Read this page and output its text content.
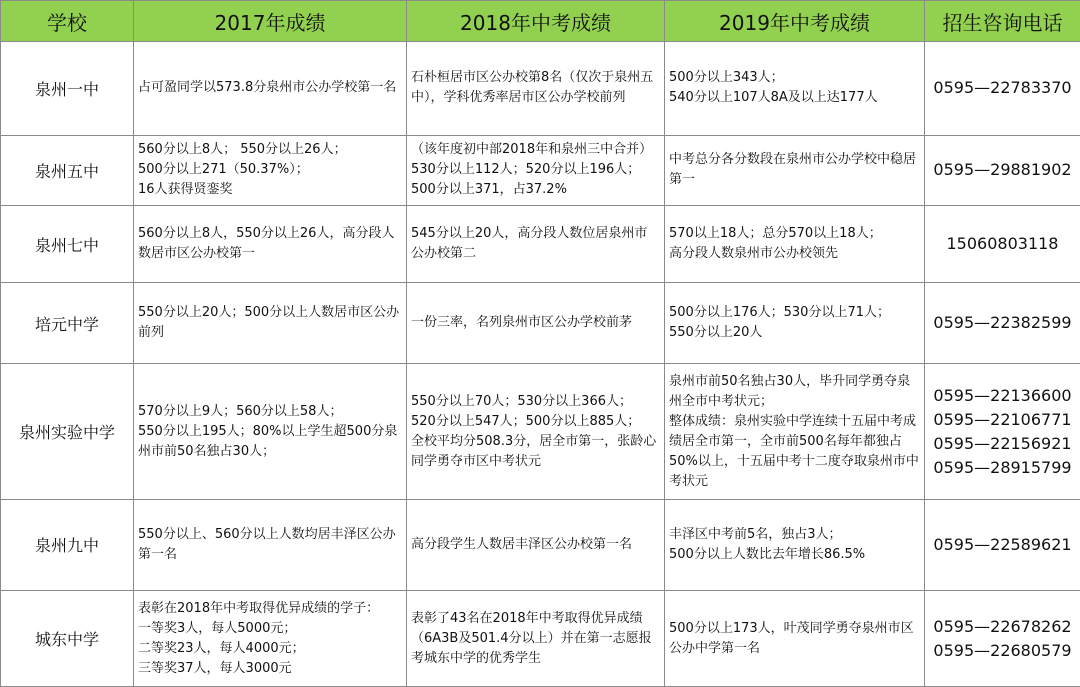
学校	2017年成绩	2018年中考成绩	2019年中考成绩	招生咨询电话
泉州一中	占可盈同学以573.8分泉州市公办学校第一名	石朴桓居市区公办校第8名（仅次于泉州五中），学科优秀率居市区公办学校前列	500分以上343人；
540分以上107人8A及以上达177人	0595—22783370

泉州五中	560分以上8人； 550分以上26人；
500分以上271（50.37%）；
16人获得贤銮奖	（该年度初中部2018年和泉州三中合并）
530分以上112人；520分以上196人；
500分以上371，占37.2%	中考总分各分数段在泉州市公办学校中稳居第一	0595—29881902

泉州七中	560分以上8人，550分以上26人，高分段人数居市区公办校第一	545分以上20人，高分段人数位居泉州市公办校第二	570以上18人；总分570以上18人；
高分段人数泉州市公办校领先	15060803118

培元中学	550分以上20人；500分以上人数居市区公办前列	一份三率，名列泉州市区公办学校前茅	500分以上176人；530分以上71人；
550分以上20人	0595—22382599

泉州实验中学	570分以上9人；560分以上58人；
550分以上195人；80%以上学生超500分泉州市前50名独占30人；	550分以上70人；530分以上366人；
520分以上547人；500分以上885人；
全校平均分508.3分，居全市第一，张龄心同学勇夺市区中考状元	泉州市前50名独占30人，毕升同学勇夺泉州全市中考状元；
整体成绩：泉州实验中学连续十五届中考成绩居全市第一，全市前500名每年都独占50%以上，十五届中考十二度夺取泉州市中考状元	0595—22136600
0595—22106771
0595—22156921
0595—28915799

泉州九中	550分以上、560分以上人数均居丰泽区公办第一名	高分段学生人数居丰泽区公办校第一名	丰泽区中考前5名，独占3人；
500分以上人数比去年增长86.5%	0595—22589621

城东中学	表彰在2018年中考取得优异成绩的学子：
一等奖3人，每人5000元；
二等奖23人，每人4000元；
三等奖37人，每人3000元	表彰了43名在2018年中考取得优异成绩（6A3B及501.4分以上）并在第一志愿报考城东中学的优秀学生	500分以上173人，叶茂同学勇夺泉州市区公办中学第一名	0595—22678262
0595—22680579
